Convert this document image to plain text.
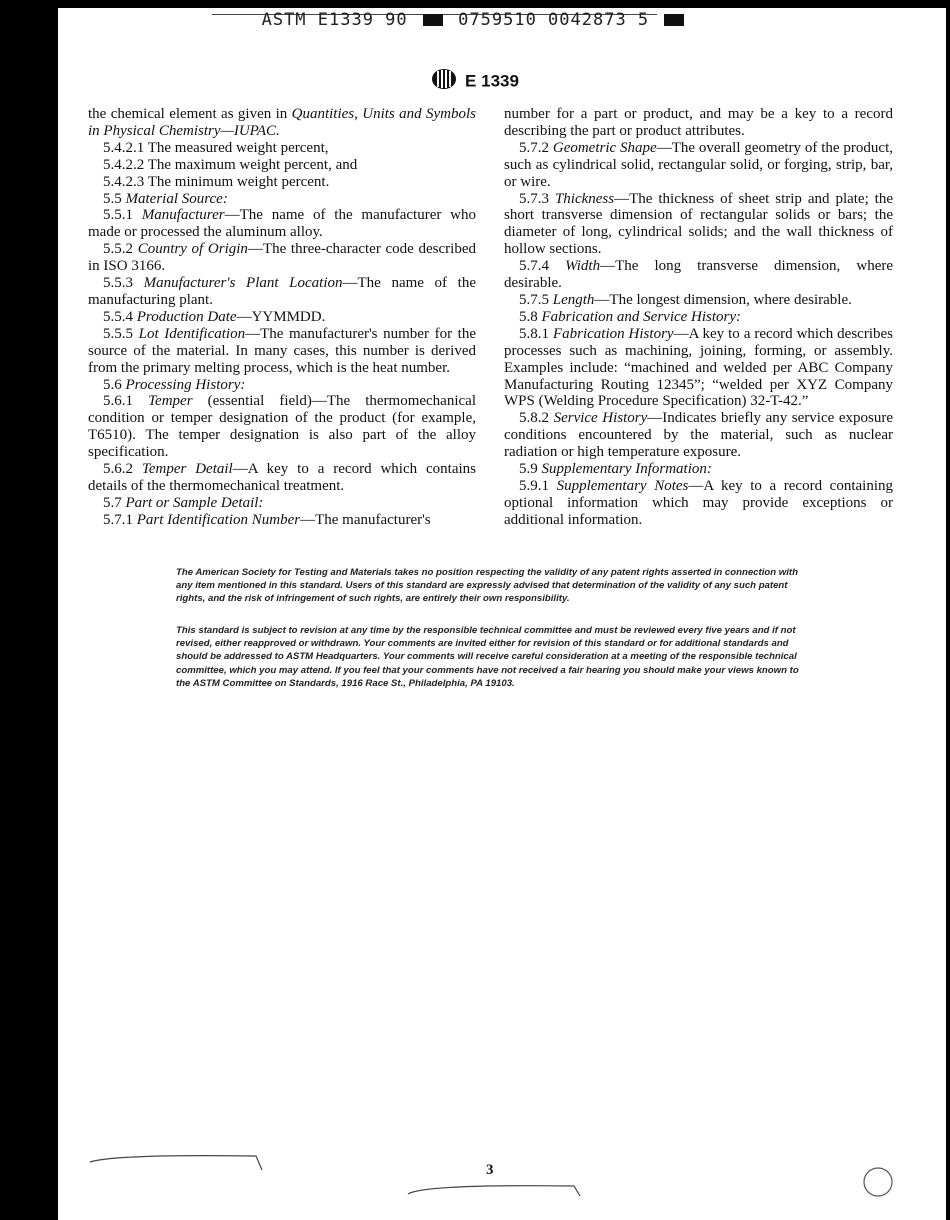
ASTM E1339 90	0759510 0042873 5
E 1339

the chemical element as given in Quantities, Units and Symbols in Physical Chemistry—IUPAC.

5.4.2.1 The measured weight percent,

5.4.2.2 The maximum weight percent, and

5.4.2.3 The minimum weight percent.

5.5 Material Source:

5.5.1 Manufacturer—The name of the manufacturer who made or processed the aluminum alloy.

5.5.2 Country of Origin—The three-character code described in ISO 3166.

5.5.3 Manufacturer's Plant Location—The name of the manufacturing plant.

5.5.4 Production Date—YYMMDD.

5.5.5 Lot Identification—The manufacturer's number for the source of the material. In many cases, this number is derived from the primary melting process, which is the heat number.

5.6 Processing History:

5.6.1 Temper (essential field)—The thermomechanical condition or temper designation of the product (for example, T6510). The temper designation is also part of the alloy specification.

5.6.2 Temper Detail—A key to a record which contains details of the thermomechanical treatment.

5.7 Part or Sample Detail:

5.7.1 Part Identification Number—The manufacturer's

number for a part or product, and may be a key to a record describing the part or product attributes.

5.7.2 Geometric Shape—The overall geometry of the product, such as cylindrical solid, rectangular solid, or forging, strip, bar, or wire.

5.7.3 Thickness—The thickness of sheet strip and plate; the short transverse dimension of rectangular solids or bars; the diameter of long, cylindrical solids; and the wall thickness of hollow sections.

5.7.4 Width—The long transverse dimension, where desirable.

5.7.5 Length—The longest dimension, where desirable.

5.8 Fabrication and Service History:

5.8.1 Fabrication History—A key to a record which describes processes such as machining, joining, forming, or assembly. Examples include: “machined and welded per ABC Company Manufacturing Routing 12345”; “welded per XYZ Company WPS (Welding Procedure Specification) 32-T-42.”

5.8.2 Service History—Indicates briefly any service exposure conditions encountered by the material, such as nuclear radiation or high temperature exposure.

5.9 Supplementary Information:

5.9.1 Supplementary Notes—A key to a record containing optional information which may provide exceptions or additional information.

The American Society for Testing and Materials takes no position respecting the validity of any patent rights asserted in connection with any item mentioned in this standard. Users of this standard are expressly advised that determination of the validity of any such patent rights, and the risk of infringement of such rights, are entirely their own responsibility.
This standard is subject to revision at any time by the responsible technical committee and must be reviewed every five years and if not revised, either reapproved or withdrawn. Your comments are invited either for revision of this standard or for additional standards and should be addressed to ASTM Headquarters. Your comments will receive careful consideration at a meeting of the responsible technical committee, which you may attend. If you feel that your comments have not received a fair hearing you should make your views known to the ASTM Committee on Standards, 1916 Race St., Philadelphia, PA 19103.
3
